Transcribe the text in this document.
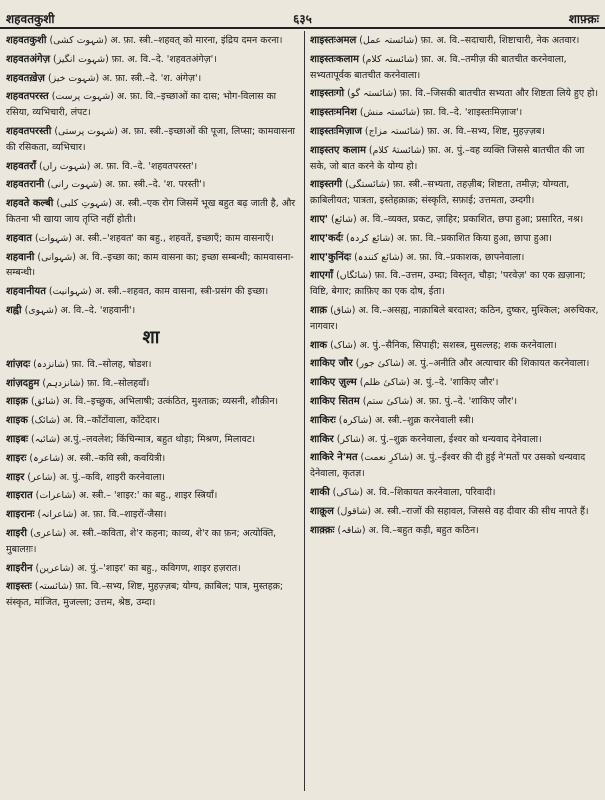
शहवतकुशी	६३५	शाफ़्क़ः
शहवतकुशी (شہوت کشی) अ. फ़ा. स्त्री.–शहवत् को मारना, इंद्रिय दमन करना।
शहवतअंगेज़ (شہوت انگیز) फ़ा. अ. वि.–दे. 'शहवतअंगेज़'।
शहवतख़ेज़ (شہوت خیز) अ. फ़ा. स्त्री.–दे. 'श. अंगेज़'।
शहवतपरस्त (شہوت پرست) अ. फ़ा. वि.–इच्छाओं का दास; भोग-विलास का रसिया, व्यभिचारी, लंपट।
शहवतपरस्ती (شہوت پرستی) अ. फ़ा. स्त्री.–इच्छाओं की पूजा, लिप्सा; कामवासना की रसिकता, व्यभिचार।
शहवतराँ (شہوت راں) अ. फ़ा. वि.–दे. 'शहवतपरस्त'।
शहवतरानी (شہوت رانی) अ. फ़ा. स्त्री.–दे. 'श. परस्ती'।
शहवते कल्बी (شہوتِ کلبی) अ. स्त्री.–एक रोग जिसमें भूख बहुत बढ़ जाती है, और कितना भी खाया जाय तृप्ति नहीं होती।
शहवात (شہوات) अ. स्त्री.–'शहवत' का बहु., शहवतें, इच्छाएँ; काम वासनाएँ।
शहवानी (شہوانی) अ. वि.–इच्छा का; काम वासना का; इच्छा सम्बन्धी; कामवासना-सम्बन्धी।
शहवानीयत (شہوانیت) अ. स्त्री.–शहवत, काम वासना, स्त्री-प्रसंग की इच्छा।
शह्वी (شہوی) अ. वि.–दे. 'शहवानी'।
शा
शांज़दः (شانزدہ) फ़ा. वि.–सोलह, षोडश।
शांज़दहुम (شانزدہم) फ़ा. वि.–सोलहवाँ।
शाइक़ (شائق) अ. वि.–इच्छुक, अभिलाषी; उत्कंठित, मुश्ताक़; व्यसनी, शौक़ीन।
शाइक (شائک) अ. वि.–काँटोंवाला, काँटेदार।
शाइबः (شائبہ) अ.पुं.–लवलेश; किंचिन्मात्र, बहुत थोड़ा; मिश्रण, मिलावट।
शाइरः (شاعرہ) अ. स्त्री.–कवि स्त्री, कवयित्री।
शाइर (شاعر) अ. पुं.–कवि, शाइरी करनेवाला।
शाइरात (شاعرات) अ. स्त्री.– 'शाइर:' का बहु., शाइर स्त्रियाँ।
शाइरानः (شاعرانہ) अ. फ़ा. वि.–शाइरों-जैसा।
शाइरी (شاعری) अ. स्त्री.–कविता, शे'र कहना; काव्य, शे'र का फ़न; अत्योक्ति, मुबालग़ः।
शाइरीन (شاعرین) अ. पुं.–'शाइर' का बहु., कविगण, शाइर हज़रात।
शाइस्तः (شائستہ) फ़ा. वि.–सभ्य, शिष्ट, मुहज़्ज़ब; योग्य, क़ाबिल; पात्र, मुस्तहक़; संस्कृत, मांजित, मुजल्ला; उत्तम, श्रेष्ठ, उम्दा।
शाइस्तःअमल (شائستہ عمل) फ़ा. अ. वि.–सदाचारी, शिष्टाचारी, नेक अतवार।
शाइस्तःकलाम (شائستہ کلام) फ़ा. अ. वि.–तमीज़ की बातचीत करनेवाला, सभ्यतापूर्वक बातचीत करनेवाला।
शाइस्तःगो (شائستہ گو) फ़ा. वि.–जिसकी बातचीत सभ्यता और शिष्टता लिये हुए हो।
शाइस्तःमनिश (شائستہ منش) फ़ा. वि.–दे. 'शाइस्तःमिज़ाज'।
शाइस्तःमिज़ाज (شائستہ مزاج) फ़ा. अ. वि.–सभ्य, शिष्ट, मुहज़्ज़ब।
शाइस्तए कलाम (شائستۂ کلام) फ़ा. अ. पुं.–वह व्यक्ति जिससे बातचीत की जा सके, जो बात करने के योग्य हो।
शाइस्तगी (شائستگی) फ़ा. स्त्री.–सभ्यता, तहज़ीब; शिष्टता, तमीज़; योग्यता, क़ाबिलीयत; पात्रता, इस्तेहक़ाक़; संस्कृति, सफ़ाई; उत्तमता, उम्दगी।
शाए' (شائع) अ. वि.–व्यक्त, प्रकट, ज़ाहिर; प्रकाशित, छपा हुआ; प्रसारित, नश्र।
शाए'कर्दः (شائع کردہ) अ. फ़ा. वि.–प्रकाशित किया हुआ, छापा हुआ।
शाए'कुनिंदः (شائع کنندہ) अ. फ़ा. वि.–प्रकाशक, छापनेवाला।
शाएगाँ (شائگاں) फ़ा. वि.–उत्तम, उम्दा; विस्तृत, चौड़ा; 'परवेज़' का एक ख़ज़ाना; विष्टि, बेगार; क़ाफ़िए का एक दोष, ईता।
शाक़ (شاق) अ. वि.–असह्य, नाक़ाबिले बरदाश्त; कठिन, दुष्कर, मुश्किल; अरुचिकर, नागवार।
शाक (شاک) अ. पुं.–सैनिक, सिपाही; सशस्त्र, मुसल्लह; शक करनेवाला।
शाकिए जौर (شاکیٔ جور) अ. पुं.–अनीति और अत्याचार की शिकायत करनेवाला।
शाकिए ज़ुल्म (شاکیٔ ظلم) अ. पुं.–दे. 'शाकिए जौर'।
शाकिए सितम (شاکیٔ ستم) अ. फ़ा. पुं.–दे. 'शाकिए जौर'।
शाकिरः (شاکرہ) अ. स्त्री.–शुक्र करनेवाली स्त्री।
शाकिर (شاکر) अ. पुं.–शुक्र करनेवाला, ईश्वर को धन्यवाद देनेवाला।
शाकिरे ने'मत (شاکرِ نعمت) अ. पुं.–ईश्वर की दी हुई ने'मतों पर उसको धन्यवाद देनेवाला, कृतज्ञ।
शाकी (شاکی) अ. वि.–शिकायत करनेवाला, परिवादी।
शाक़ूल (شاقول) अ. स्त्री.–राजों की सहावल, जिससे वह दीवार की सीध नापते हैं।
शाक़्क़ः (شاقہ) अ. वि.–बहुत कड़ी, बहुत कठिन।
